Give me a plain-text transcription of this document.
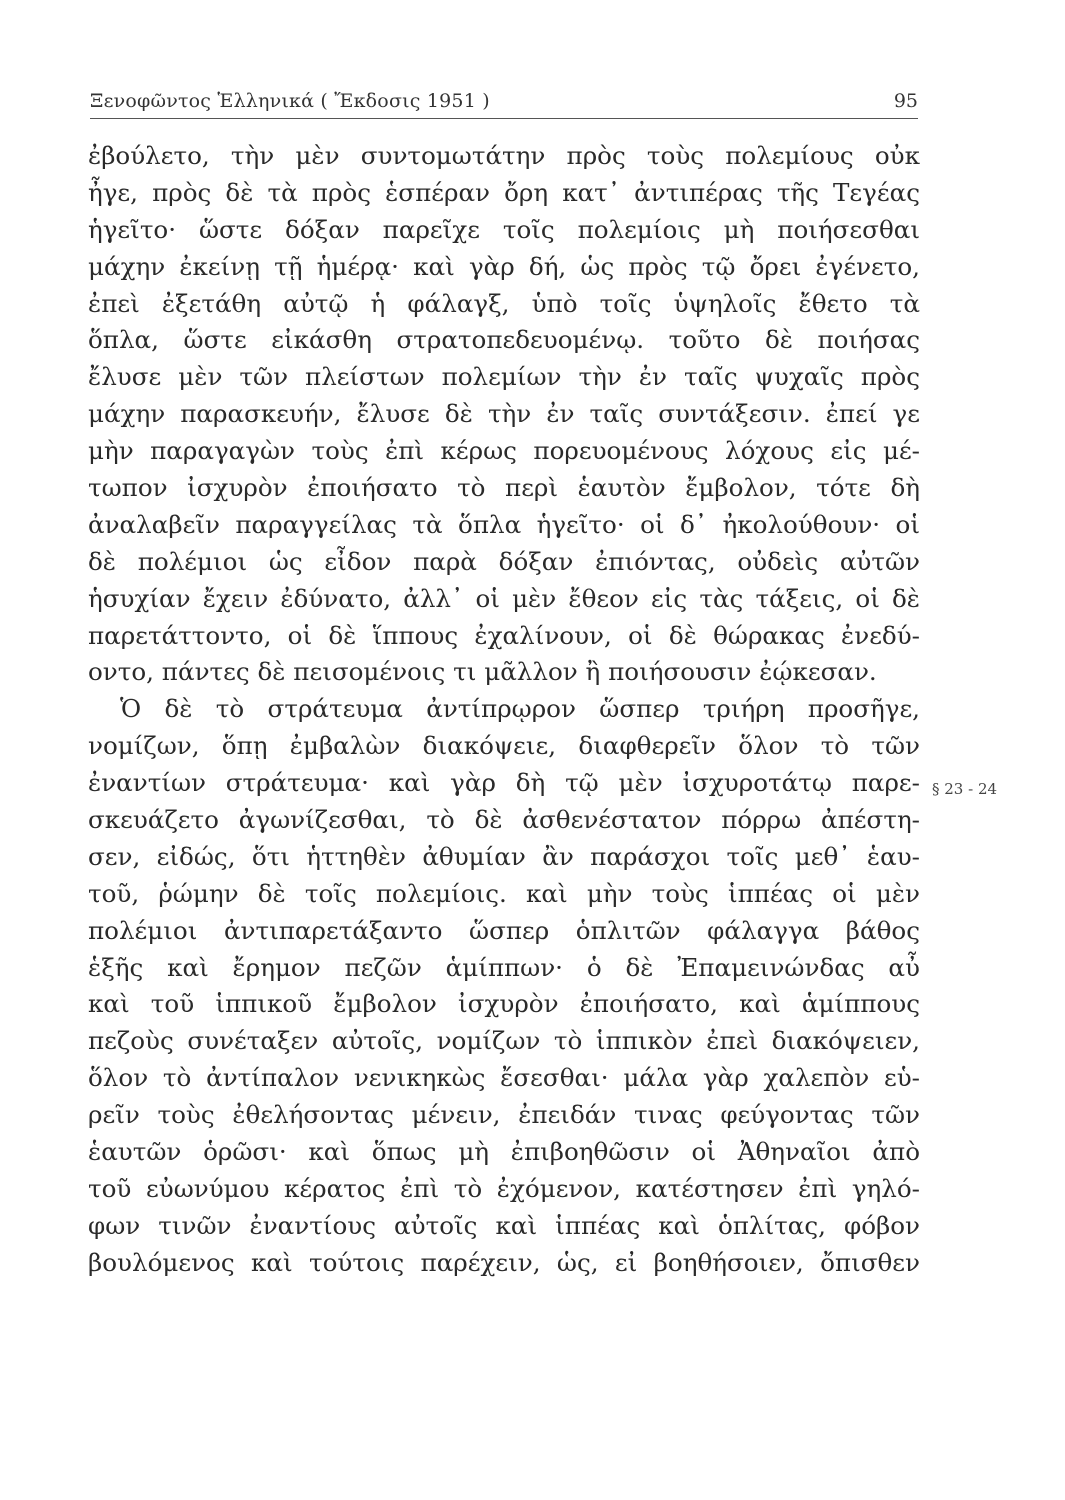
Ξενοφῶντος Ἑλληνικά ( Ἔκδοσις 1951 )	95
ἐβούλετο, τὴν μὲν συντομωτάτην πρὸς τοὺς πολεμίους οὐκ
ἦγε, πρὸς δὲ τὰ πρὸς ἑσπέραν ὄρη κατ᾽ ἀντιπέρας τῆς Τεγέας
ἡγεῖτο· ὥστε δόξαν παρεῖχε τοῖς πολεμίοις μὴ ποιήσεσθαι
μάχην ἐκείνῃ τῇ ἡμέρᾳ· καὶ γὰρ δή, ὡς πρὸς τῷ ὄρει ἐγένετο,
ἐπεὶ ἐξετάθη αὐτῷ ἡ φάλαγξ, ὑπὸ τοῖς ὑψηλοῖς ἔθετο τὰ
ὅπλα, ὥστε εἰκάσθη στρατοπεδευομένῳ. τοῦτο δὲ ποιήσας
ἔλυσε μὲν τῶν πλείστων πολεμίων τὴν ἐν ταῖς ψυχαῖς πρὸς
μάχην παρασκευήν, ἔλυσε δὲ τὴν ἐν ταῖς συντάξεσιν. ἐπεί γε
μὴν παραγαγὼν τοὺς ἐπὶ κέρως πορευομένους λόχους εἰς μέ-
τωπον ἰσχυρὸν ἐποιήσατο τὸ περὶ ἑαυτὸν ἔμβολον, τότε δὴ
ἀναλαβεῖν παραγγείλας τὰ ὅπλα ἡγεῖτο· οἱ δ᾽ ἠκολούθουν· οἱ
δὲ πολέμιοι ὡς εἶδον παρὰ δόξαν ἐπιόντας, οὐδεὶς αὐτῶν
ἡσυχίαν ἔχειν ἐδύνατο, ἀλλ᾽ οἱ μὲν ἔθεον εἰς τὰς τάξεις, οἱ δὲ
παρετάττοντο, οἱ δὲ ἵππους ἐχαλίνουν, οἱ δὲ θώρακας ἐνεδύ-
οντο, πάντες δὲ πεισομένοις τι μᾶλλον ἢ ποιήσουσιν ἐῴκεσαν.
Ὁ δὲ τὸ στράτευμα ἀντίπρῳρον ὥσπερ τριήρη προσῆγε,
νομίζων, ὅπῃ ἐμβαλὼν διακόψειε, διαφθερεῖν ὅλον τὸ τῶν
ἐναντίων στράτευμα· καὶ γὰρ δὴ τῷ μὲν ἰσχυροτάτῳ παρε-
σκευάζετο ἀγωνίζεσθαι, τὸ δὲ ἀσθενέστατον πόρρω ἀπέστη-
σεν, εἰδώς, ὅτι ἡττηθὲν ἀθυμίαν ἂν παράσχοι τοῖς μεθ᾽ ἑαυ-
τοῦ, ῥώμην δὲ τοῖς πολεμίοις. καὶ μὴν τοὺς ἱππέας οἱ μὲν
πολέμιοι ἀντιπαρετάξαντο ὥσπερ ὁπλιτῶν φάλαγγα βάθος
ἑξῆς καὶ ἔρημον πεζῶν ἁμίππων· ὁ δὲ Ἐπαμεινώνδας αὖ
καὶ τοῦ ἱππικοῦ ἔμβολον ἰσχυρὸν ἐποιήσατο, καὶ ἁμίππους
πεζοὺς συνέταξεν αὐτοῖς, νομίζων τὸ ἱππικὸν ἐπεὶ διακόψειεν,
ὅλον τὸ ἀντίπαλον νενικηκὼς ἔσεσθαι· μάλα γὰρ χαλεπὸν εὑ-
ρεῖν τοὺς ἐθελήσοντας μένειν, ἐπειδάν τινας φεύγοντας τῶν
ἑαυτῶν ὁρῶσι· καὶ ὅπως μὴ ἐπιβοηθῶσιν οἱ Ἀθηναῖοι ἀπὸ
τοῦ εὐωνύμου κέρατος ἐπὶ τὸ ἐχόμενον, κατέστησεν ἐπὶ γηλό-
φων τινῶν ἐναντίους αὐτοῖς καὶ ἱππέας καὶ ὁπλίτας, φόβον
βουλόμενος καὶ τούτοις παρέχειν, ὡς, εἰ βοηθήσοιεν, ὄπισθεν
§ 23 - 24
